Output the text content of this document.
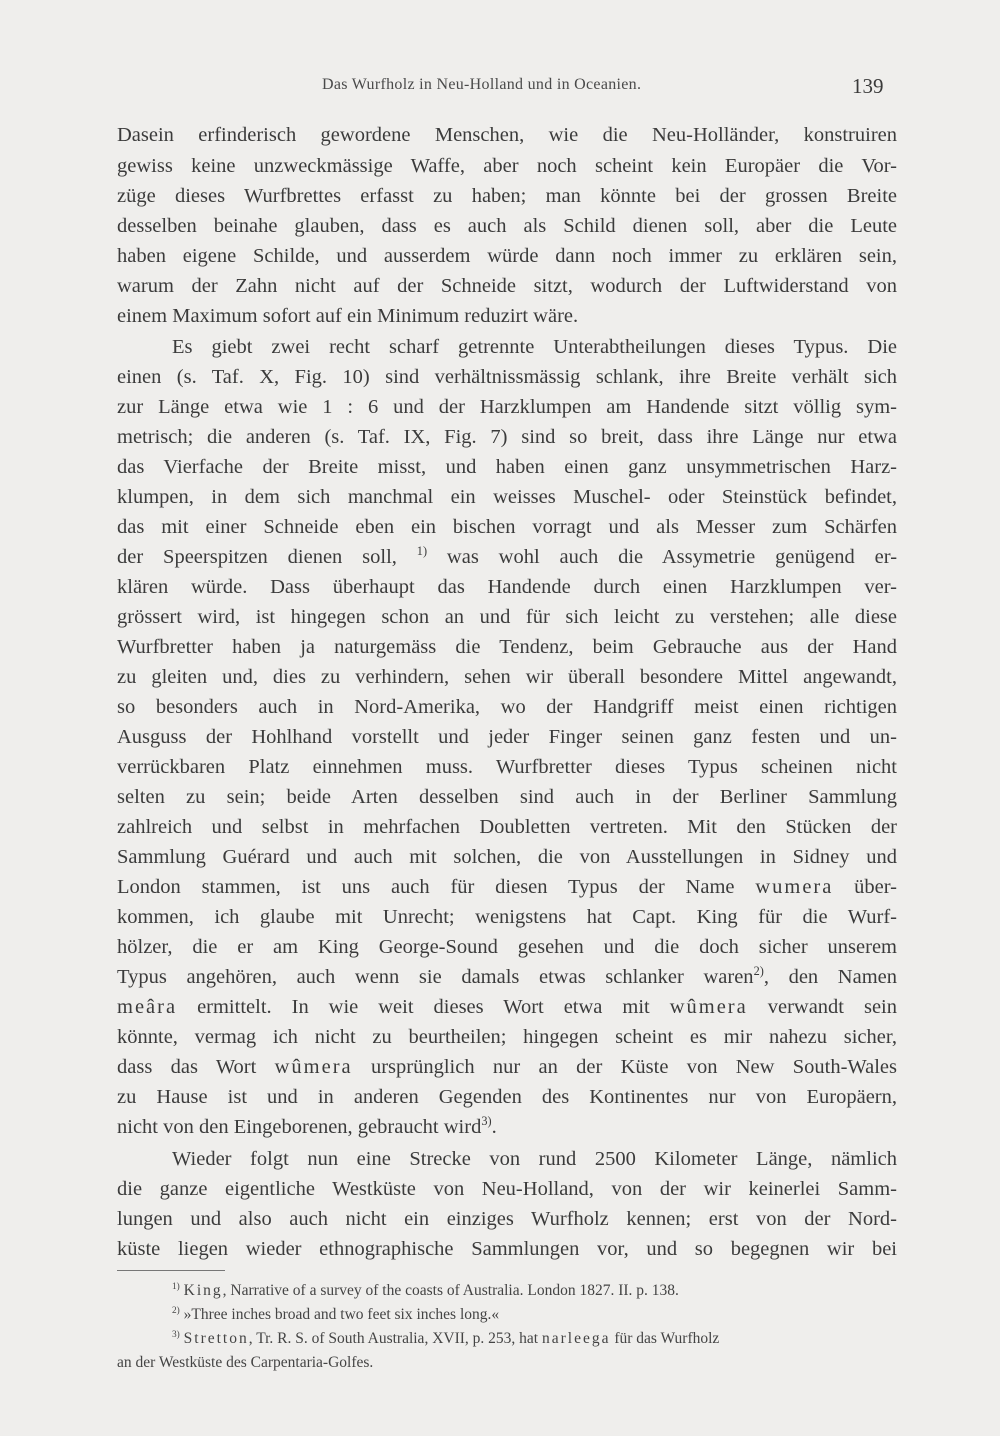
Das Wurfholz in Neu-Holland und in Oceanien.	139
Dasein erfinderisch gewordene Menschen, wie die Neu-Holländer, konstruiren
gewiss keine unzweckmässige Waffe, aber noch scheint kein Europäer die Vor-
züge dieses Wurfbrettes erfasst zu haben; man könnte bei der grossen Breite
desselben beinahe glauben, dass es auch als Schild dienen soll, aber die Leute
haben eigene Schilde, und ausserdem würde dann noch immer zu erklären sein,
warum der Zahn nicht auf der Schneide sitzt, wodurch der Luftwiderstand von
einem Maximum sofort auf ein Minimum reduzirt wäre.
Es giebt zwei recht scharf getrennte Unterabtheilungen dieses Typus. Die
einen (s. Taf. X, Fig. 10) sind verhältnissmässig schlank, ihre Breite verhält sich
zur Länge etwa wie 1 : 6 und der Harzklumpen am Handende sitzt völlig sym-
metrisch; die anderen (s. Taf. IX, Fig. 7) sind so breit, dass ihre Länge nur etwa
das Vierfache der Breite misst, und haben einen ganz unsymmetrischen Harz-
klumpen, in dem sich manchmal ein weisses Muschel- oder Steinstück befindet,
das mit einer Schneide eben ein bischen vorragt und als Messer zum Schärfen
der Speerspitzen dienen soll, $^{1)}$ was wohl auch die Assymetrie genügend er-
klären würde. Dass überhaupt das Handende durch einen Harzklumpen ver-
grössert wird, ist hingegen schon an und für sich leicht zu verstehen; alle diese
Wurfbretter haben ja naturgemäss die Tendenz, beim Gebrauche aus der Hand
zu gleiten und, dies zu verhindern, sehen wir überall besondere Mittel angewandt,
so besonders auch in Nord-Amerika, wo der Handgriff meist einen richtigen
Ausguss der Hohlhand vorstellt und jeder Finger seinen ganz festen und un-
verrückbaren Platz einnehmen muss. Wurfbretter dieses Typus scheinen nicht
selten zu sein; beide Arten desselben sind auch in der Berliner Sammlung
zahlreich und selbst in mehrfachen Doubletten vertreten. Mit den Stücken der
Sammlung Guérard und auch mit solchen, die von Ausstellungen in Sidney und
London stammen, ist uns auch für diesen Typus der Name wumera über-
kommen, ich glaube mit Unrecht; wenigstens hat Capt. King für die Wurf-
hölzer, die er am King George-Sound gesehen und die doch sicher unserem
Typus angehören, auch wenn sie damals etwas schlanker waren$^{2)}$, den Namen
meâra ermittelt. In wie weit dieses Wort etwa mit wûmera verwandt sein
könnte, vermag ich nicht zu beurtheilen; hingegen scheint es mir nahezu sicher,
dass das Wort wûmera ursprünglich nur an der Küste von New South-Wales
zu Hause ist und in anderen Gegenden des Kontinentes nur von Europäern,
nicht von den Eingeborenen, gebraucht wird$^{3)}$.
Wieder folgt nun eine Strecke von rund 2500 Kilometer Länge, nämlich
die ganze eigentliche Westküste von Neu-Holland, von der wir keinerlei Samm-
lungen und also auch nicht ein einziges Wurfholz kennen; erst von der Nord-
küste liegen wieder ethnographische Sammlungen vor, und so begegnen wir bei
$^{1)}$ King, Narrative of a survey of the coasts of Australia. London 1827. II. p. 138.
$^{2)}$ »Three inches broad and two feet six inches long.«
$^{3)}$ Stretton, Tr. R. S. of South Australia, XVII, p. 253, hat narleega für das Wurfholz
an der Westküste des Carpentaria-Golfes.
